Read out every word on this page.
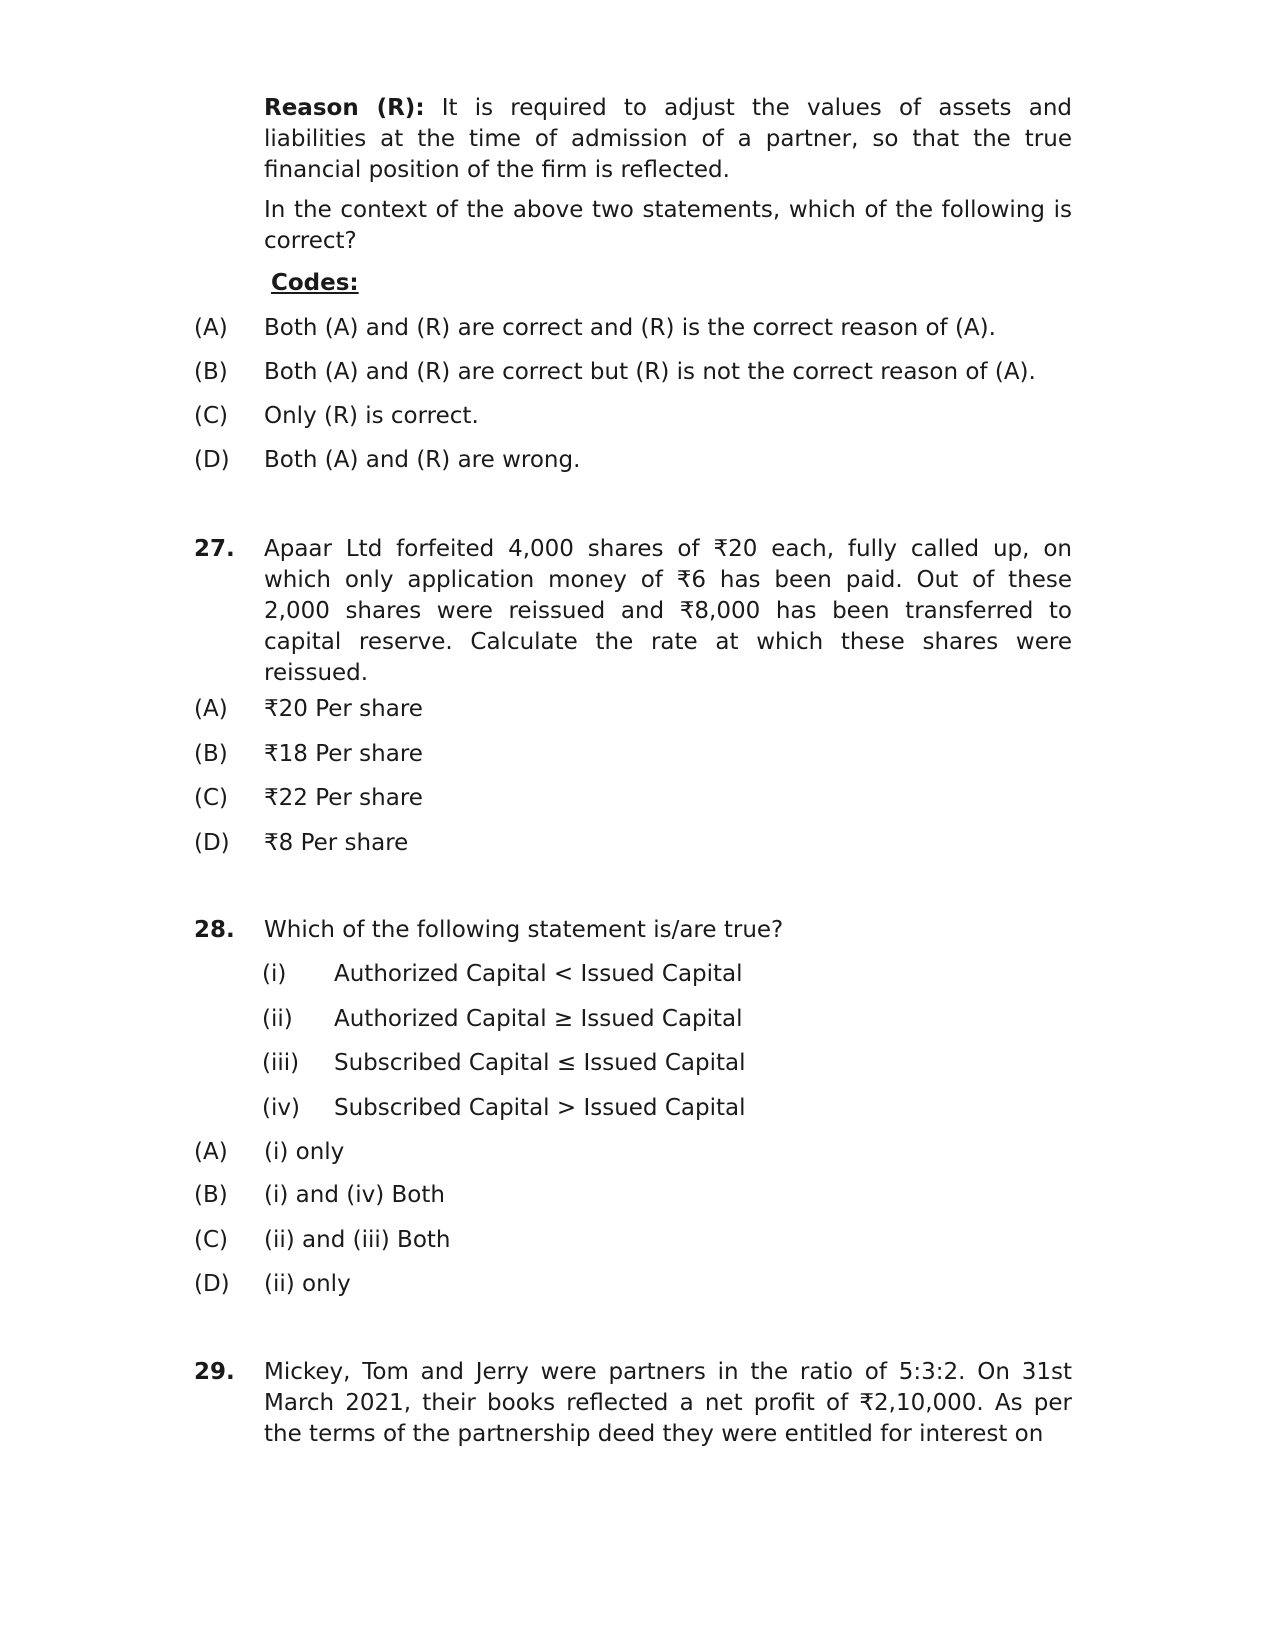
Reason (R): It is required to adjust the values of assets and liabilities at the time of admission of a partner, so that the true financial position of the firm is reflected.
In the context of the above two statements, which of the following is correct?
Codes:
(A) Both (A) and (R) are correct and (R) is the correct reason of (A).
(B) Both (A) and (R) are correct but (R) is not the correct reason of (A).
(C) Only (R) is correct.
(D) Both (A) and (R) are wrong.
27. Apaar Ltd forfeited 4,000 shares of ₹20 each, fully called up, on which only application money of ₹6 has been paid. Out of these 2,000 shares were reissued and ₹8,000 has been transferred to capital reserve. Calculate the rate at which these shares were reissued.
(A) ₹20 Per share
(B) ₹18 Per share
(C) ₹22 Per share
(D) ₹8 Per share
28. Which of the following statement is/are true?
(i) Authorized Capital < Issued Capital
(ii) Authorized Capital ≥ Issued Capital
(iii) Subscribed Capital ≤ Issued Capital
(iv) Subscribed Capital > Issued Capital
(A) (i) only
(B) (i) and (iv) Both
(C) (ii) and (iii) Both
(D) (ii) only
29. Mickey, Tom and Jerry were partners in the ratio of 5:3:2. On 31st March 2021, their books reflected a net profit of ₹2,10,000. As per the terms of the partnership deed they were entitled for interest on
